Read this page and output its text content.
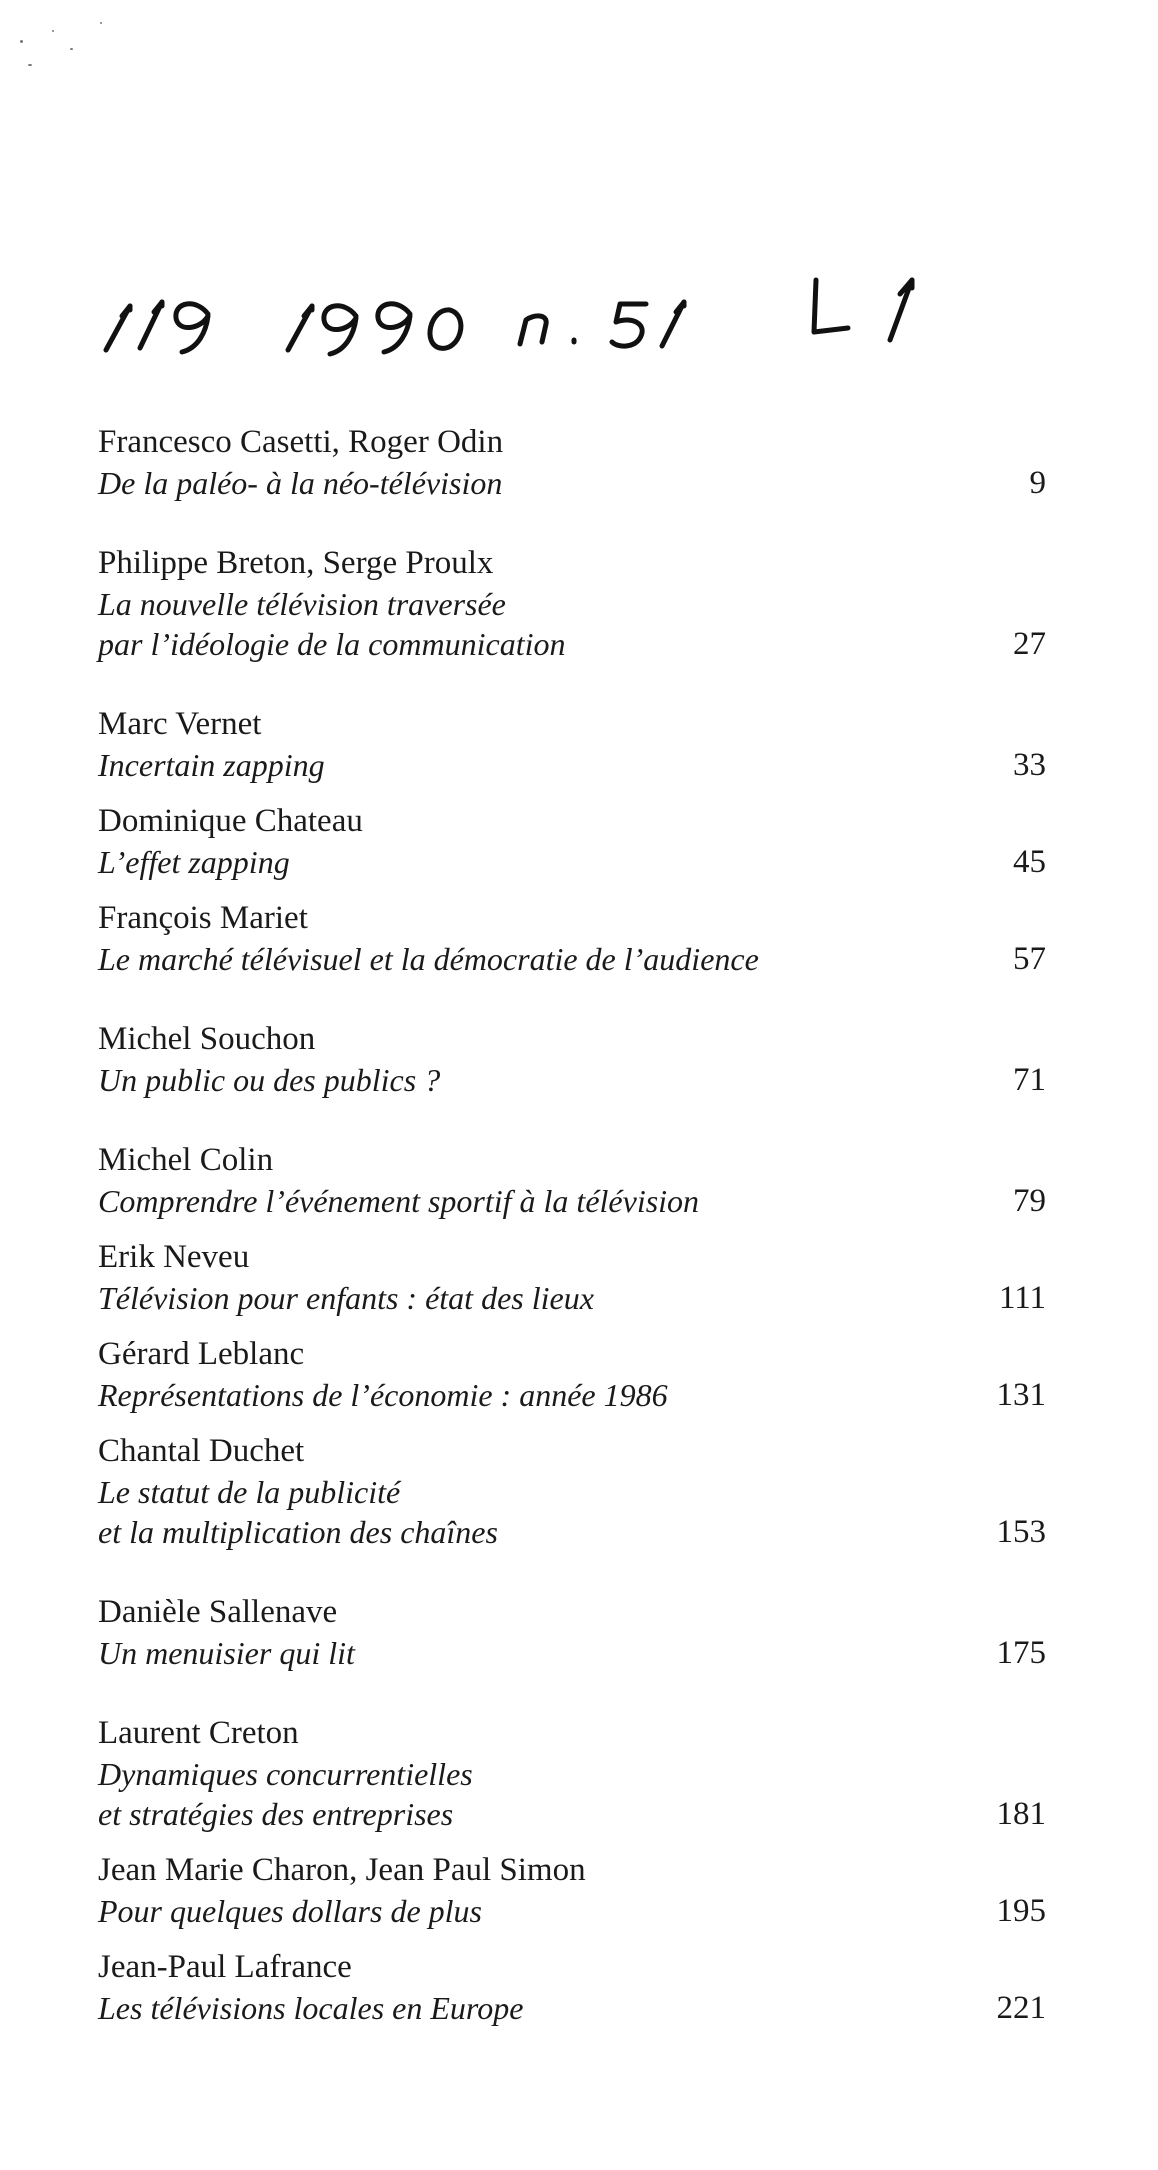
Francesco Casetti, Roger Odin
De la paléo- à la néo-télévision	9
Philippe Breton, Serge Proulx
La nouvelle télévision traversée
par l’idéologie de la communication	27
Marc Vernet
Incertain zapping	33
Dominique Chateau
L’effet zapping	45
François Mariet
Le marché télévisuel et la démocratie de l’audience	57
Michel Souchon
Un public ou des publics ?	71
Michel Colin
Comprendre l’événement sportif à la télévision	79
Erik Neveu
Télévision pour enfants : état des lieux	111
Gérard Leblanc
Représentations de l’économie : année 1986	131
Chantal Duchet
Le statut de la publicité
et la multiplication des chaînes	153
Danièle Sallenave
Un menuisier qui lit	175
Laurent Creton
Dynamiques concurrentielles
et stratégies des entreprises	181
Jean Marie Charon, Jean Paul Simon
Pour quelques dollars de plus	195
Jean-Paul Lafrance
Les télévisions locales en Europe	221
